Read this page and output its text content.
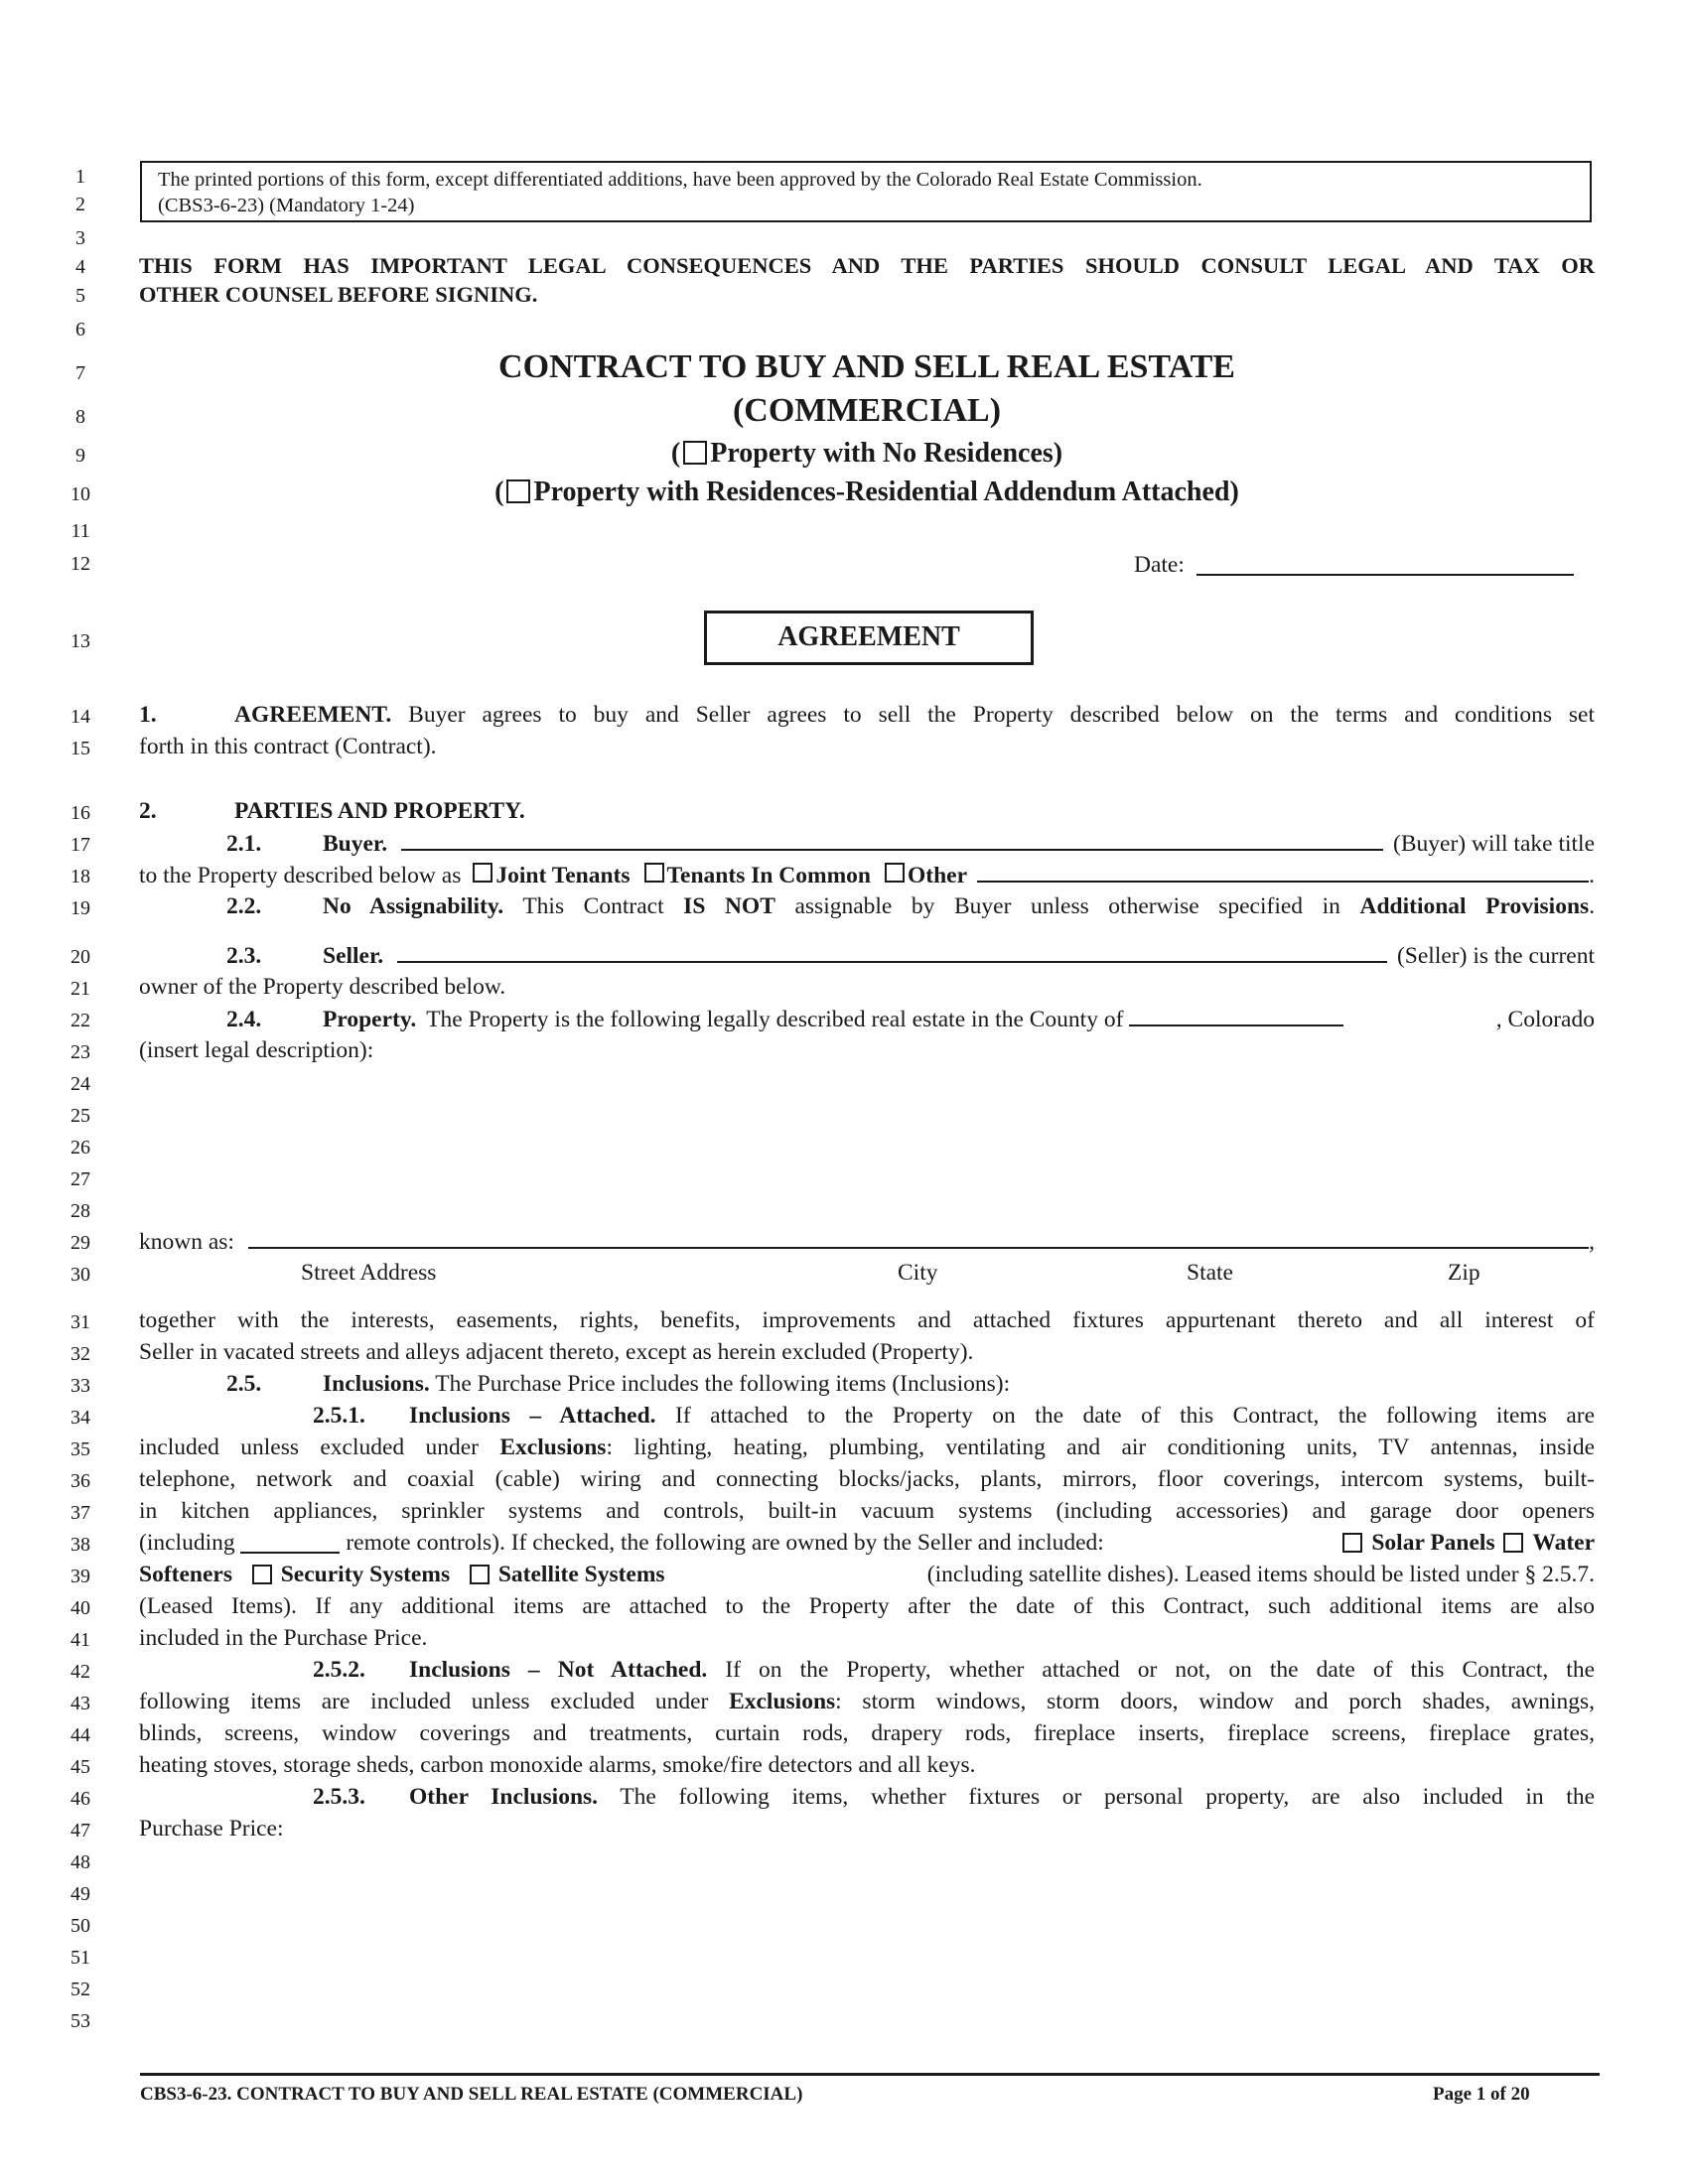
1
2
3
4
5
6
7
8
9
10
11
12
13
14
15
16
17
18
19
20
21
22
23
24
25
26
27
28
29
30
31
32
33
34
35
36
37
38
39
40
41
42
43
44
45
46
47
48
49
50
51
52
53
The printed portions of this form, except differentiated additions, have been approved by the Colorado Real Estate Commission.
(CBS3-6-23) (Mandatory 1-24)
THIS FORM HAS IMPORTANT LEGAL CONSEQUENCES AND THE PARTIES SHOULD CONSULT LEGAL AND TAX OR
OTHER COUNSEL BEFORE SIGNING.
CONTRACT TO BUY AND SELL REAL ESTATE
(COMMERCIAL)
( Property with No Residences)
( Property with Residences-Residential Addendum Attached)
Date:
AGREEMENT
1.	AGREEMENT. Buyer agrees to buy and Seller agrees to sell the Property described below on the terms and conditions set
forth in this contract (Contract).
2.	PARTIES AND PROPERTY.
2.1.	Buyer.	(Buyer) will take title
to the Property described below as Joint Tenants Tenants In Common Other	.
2.2.	No Assignability. This Contract IS NOT assignable by Buyer unless otherwise specified in Additional Provisions.
2.3.	Seller.	(Seller) is the current
owner of the Property described below.
2.4.	Property. The Property is the following legally described real estate in the County of	, Colorado
(insert legal description):
known as:	,
Street Address	City	State	Zip
together with the interests, easements, rights, benefits, improvements and attached fixtures appurtenant thereto and all interest of
Seller in vacated streets and alleys adjacent thereto, except as herein excluded (Property).
2.5.	Inclusions. The Purchase Price includes the following items (Inclusions):
2.5.1. Inclusions – Attached. If attached to the Property on the date of this Contract, the following items are
included unless excluded under Exclusions: lighting, heating, plumbing, ventilating and air conditioning units, TV antennas, inside
telephone, network and coaxial (cable) wiring and connecting blocks/jacks, plants, mirrors, floor coverings, intercom systems, built-
in kitchen appliances, sprinkler systems and controls, built-in vacuum systems (including accessories) and garage door openers
(including	remote controls). If checked, the following are owned by the Seller and included:	Solar Panels Water
Softeners Security Systems Satellite Systems	(including satellite dishes). Leased items should be listed under § 2.5.7.
(Leased Items). If any additional items are attached to the Property after the date of this Contract, such additional items are also
included in the Purchase Price.
2.5.2. Inclusions – Not Attached. If on the Property, whether attached or not, on the date of this Contract, the
following items are included unless excluded under Exclusions: storm windows, storm doors, window and porch shades, awnings,
blinds, screens, window coverings and treatments, curtain rods, drapery rods, fireplace inserts, fireplace screens, fireplace grates,
heating stoves, storage sheds, carbon monoxide alarms, smoke/fire detectors and all keys.
2.5.3. Other Inclusions. The following items, whether fixtures or personal property, are also included in the
Purchase Price:
CBS3-6-23. CONTRACT TO BUY AND SELL REAL ESTATE (COMMERCIAL)	Page 1 of 20
